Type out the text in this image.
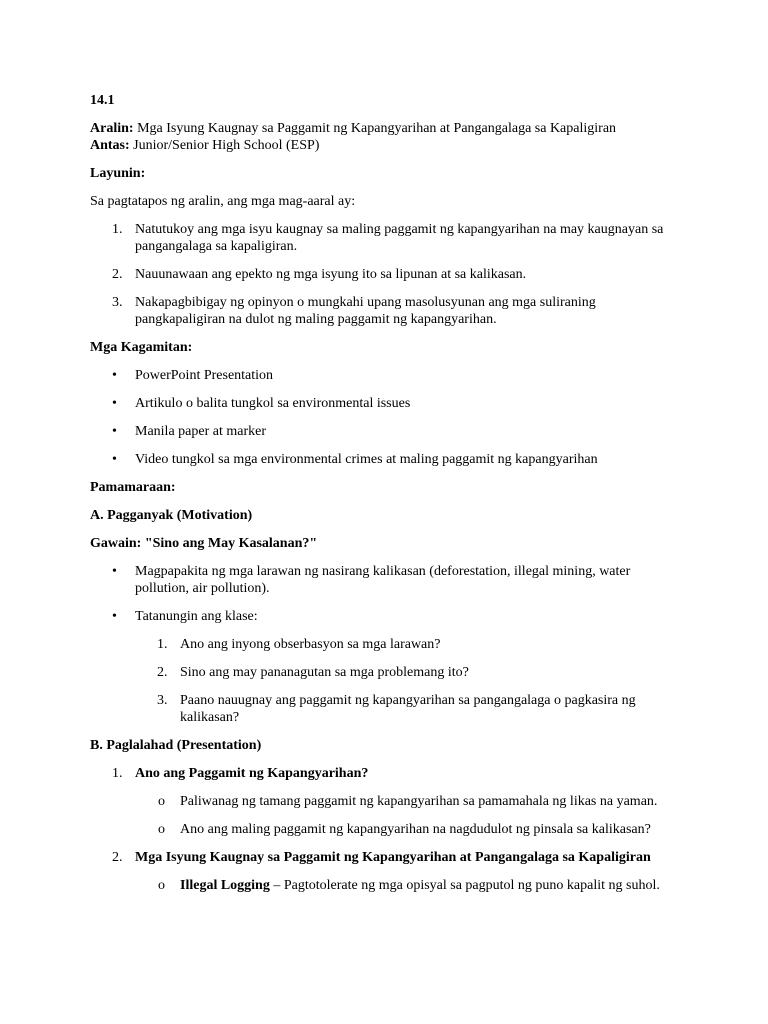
14.1
Aralin: Mga Isyung Kaugnay sa Paggamit ng Kapangyarihan at Pangangalaga sa Kapaligiran
Antas: Junior/Senior High School (ESP)
Layunin:
Sa pagtatapos ng aralin, ang mga mag-aaral ay:
1. Natutukoy ang mga isyu kaugnay sa maling paggamit ng kapangyarihan na may kaugnayan sa pangangalaga sa kapaligiran.
2. Nauunawaan ang epekto ng mga isyung ito sa lipunan at sa kalikasan.
3. Nakapagbibigay ng opinyon o mungkahi upang masolusyunan ang mga suliraning pangkapaligiran na dulot ng maling paggamit ng kapangyarihan.
Mga Kagamitan:
• PowerPoint Presentation
• Artikulo o balita tungkol sa environmental issues
• Manila paper at marker
• Video tungkol sa mga environmental crimes at maling paggamit ng kapangyarihan
Pamamaraan:
A. Pagganyak (Motivation)
Gawain: "Sino ang May Kasalanan?"
• Magpapakita ng mga larawan ng nasirang kalikasan (deforestation, illegal mining, water pollution, air pollution).
• Tatanungin ang klase:
1. Ano ang inyong obserbasyon sa mga larawan?
2. Sino ang may pananagutan sa mga problemang ito?
3. Paano nauugnay ang paggamit ng kapangyarihan sa pangangalaga o pagkasira ng kalikasan?
B. Paglalahad (Presentation)
1. Ano ang Paggamit ng Kapangyarihan?
o Paliwanag ng tamang paggamit ng kapangyarihan sa pamamahala ng likas na yaman.
o Ano ang maling paggamit ng kapangyarihan na nagdudulot ng pinsala sa kalikasan?
2. Mga Isyung Kaugnay sa Paggamit ng Kapangyarihan at Pangangalaga sa Kapaligiran
o Illegal Logging – Pagtotolerate ng mga opisyal sa pagputol ng puno kapalit ng suhol.
